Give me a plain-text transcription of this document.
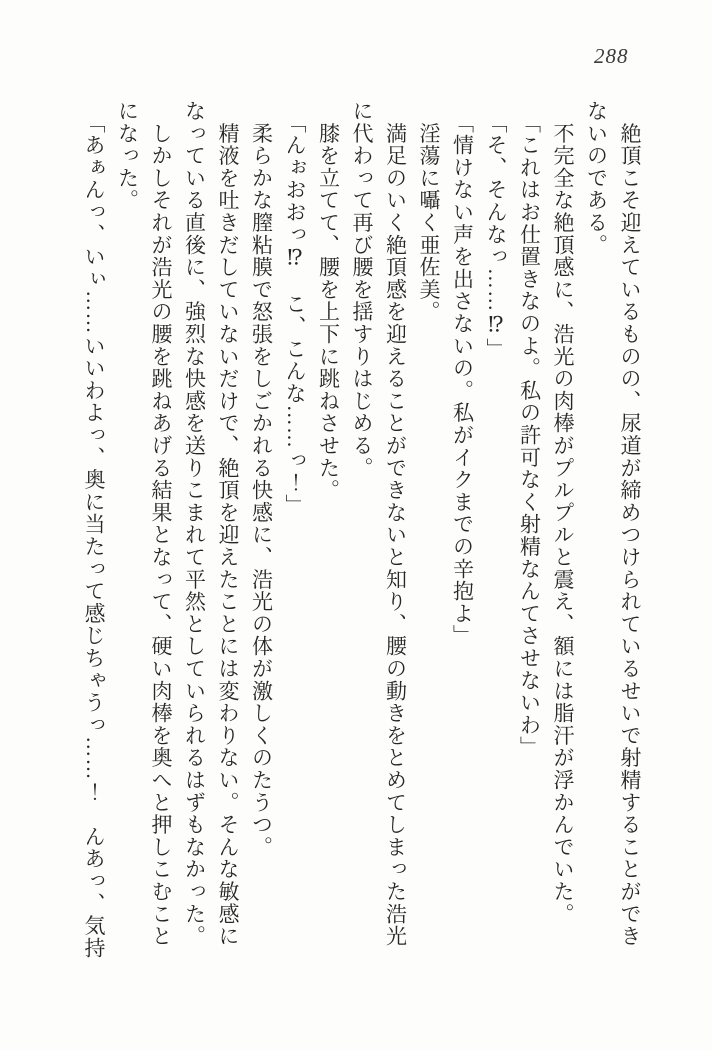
288

　絶頂こそ迎えているものの、尿道が締めつけられているせいで射精することができ

ないのである。

　不完全な絶頂感に、浩光の肉棒がプルプルと震え、額には脂汗が浮かんでいた。

　「これはお仕置きなのよ。私の許可なく射精なんてさせないわ」

　「そ、そんなっ……⁉」

　「情けない声を出さないの。私がイクまでの辛抱よ」

　淫蕩に囁く亜佐美。

　満足のいく絶頂感を迎えることができないと知り、腰の動きをとめてしまった浩光

に代わって再び腰を揺すりはじめる。

　膝を立てて、腰を上下に跳ねさせた。

　「んぉおおっ⁉　こ、こんな……っ！」

　柔らかな膣粘膜で怒張をしごかれる快感に、浩光の体が激しくのたうつ。

　精液を吐きだしていないだけで、絶頂を迎えたことには変わりない。そんな敏感に

なっている直後に、強烈な快感を送りこまれて平然としていられるはずもなかった。

　しかしそれが浩光の腰を跳ねあげる結果となって、硬い肉棒を奥へと押しこむこと

になった。

　「あぁんっ、いぃ……いいわよっ、奥に当たって感じちゃうっ……！　んあっ、気持
